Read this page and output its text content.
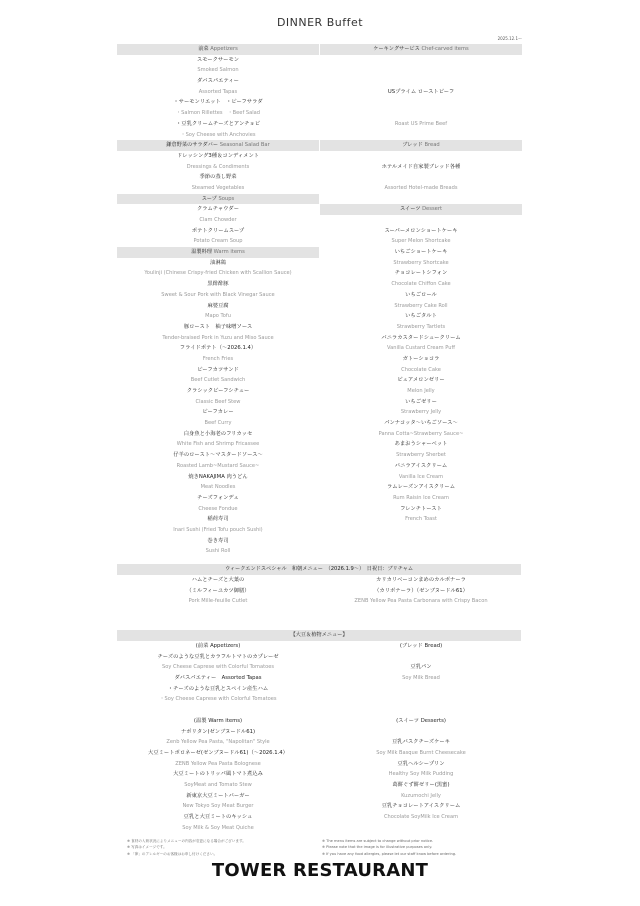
DINNER Buffet
2025.12.1〜
前菜 Appetizers
スモークサーモン
Smoked Salmon
ダバスパエティー
Assorted Tapas
・サーモンリエット　・ビーフサラダ
・Salmon Rillettes　・Beef Salad
・豆乳クリームチーズとアンチョビ
・Soy Cheese with Anchovies
鎌倉野菜のサラダバー Seasonal Salad Bar
ドレッシング3種＆コンディメント
Dressings & Condiments
季節の蒸し野菜
Steamed Vegetables
スープ Soups
クラムチャウダー
Clam Chowder
ポテトクリームスープ
Potato Cream Soup
温製料理 Warm items
油淋鶏
Youlinji (Chinese Crispy-fried Chicken with Scallion Sauce)
黒酢酢豚
Sweet & Sour Pork with Black Vinegar Sauce
麻婆豆腐
Mapo Tofu
豚ロースト　柚子味噌ソース
Tender-braised Pork in Yuzu and Miso Sauce
フライドポテト（〜2026.1.4）
French Fries
ビーフカツサンド
Beef Cutlet Sandwich
クラシックビーフシチュー
Classic Beef Stew
ビーフカレー
Beef Curry
白身魚と小海老のフリカッセ
White Fish and Shrimp Fricassee
仔羊のロースト〜マスタードソース〜
Roasted Lamb~Mustard Sauce~
焼きNAKAJIMA 肉うどん
Meat Noodles
チーズフォンデュ
Cheese Fondue
稲荷寿司
Inari Sushi (Fried Tofu pouch Sushi)
巻き寿司
Sushi Roll
ケーキングサービス Chef-carved items
USプライム ローストビーフ
Roast US Prime Beef
ブレッド Bread
ホテルメイド自家製ブレッド各種
Assorted Hotel-made Breads
スイーツ Dessert
スーパーメロンショートケーキ
Super Melon Shortcake
いちごショートケーキ
Strawberry Shortcake
チョコレートシフォン
Chocolate Chiffon Cake
いちごロール
Strawberry Cake Roll
いちごタルト
Strawberry Tartlets
バニラカスタードシュークリーム
Vanilla Custard Cream Puff
ガトーショコラ
Chocolate Cake
ピュアメロンゼリー
Melon Jelly
いちごゼリー
Strawberry Jelly
パンナコッタ〜いちごソース〜
Panna Cotta~Strawberry Sauce~
あまおうシャーベット
Strawberry Sherbet
バニラアイスクリーム
Vanilla Ice Cream
ラムレーズンアイスクリーム
Rum Raisin Ice Cream
フレンチトースト
French Toast
ウィークエンドスペシャル　和朝メニュー　（2026.1.9〜）　日祝日：ブリチャム
ハムとチーズと大葉の
（ミルフィーユカツ御膳）
Pork Mille-feuille Cutlet
カリカリベーコンまめのカルボナーラ
（カリボナーラ）（ゼンブヌードル61）
ZENB Yellow Pea Pasta Carbonara with Crispy Bacon
【大豆＆植物メニュー】
(前菜 Appetizers)
チーズのような豆乳とカラフルトマトのカプレーゼ
Soy Cheese Caprese with Colorful Tomatoes
ダバスパエティー　Assorted Tapas
・チーズのような豆乳とスペイン産生ハム
・Soy Cheese Caprese with Colorful Tomatoes
(温製 Warm items)
ナポリタン(ゼンブヌードル61)
Zenb Yellow Pea Pasta, "Napolitan" Style
大豆ミートボロネーゼ(ゼンブヌードル61)（〜2026.1.4）
ZENB Yellow Pea Pasta Bolognese
大豆ミートのトリッパ風トマト煮込み
SoyMeat and Tomato Stew
新東京大豆ミートバーガー
New Tokyo Soy Meat Burger
豆乳と大豆ミートのキッシュ
Soy Milk & Soy Meat Quiche
(ブレッド Bread)
豆乳パン
Soy Milk Bread
(スイーツ Desserts)
豆乳バスクチーズケーキ
Soy Milk Basque Burnt Cheesecake
豆乳ヘルシープリン
Healthy Soy Milk Pudding
葛餅ぐず餅ゼリー(黒蜜)
Kuzumochi Jelly
豆乳チョコレートアイスクリーム
Chocolate SoyMilk Ice Cream
※ 食材の入荷状況によりメニューの内容が変更になる場合がございます。
※ 写真はイメージです。
※ 「卵」のアレルギーのお客様はお申し付けください。
※ The menu items are subject to change without prior notice.
※ Please note that the image is for illustrative purposes only.
※ If you have any food allergies, please let our staff know before ordering.
TOWER RESTAURANT
